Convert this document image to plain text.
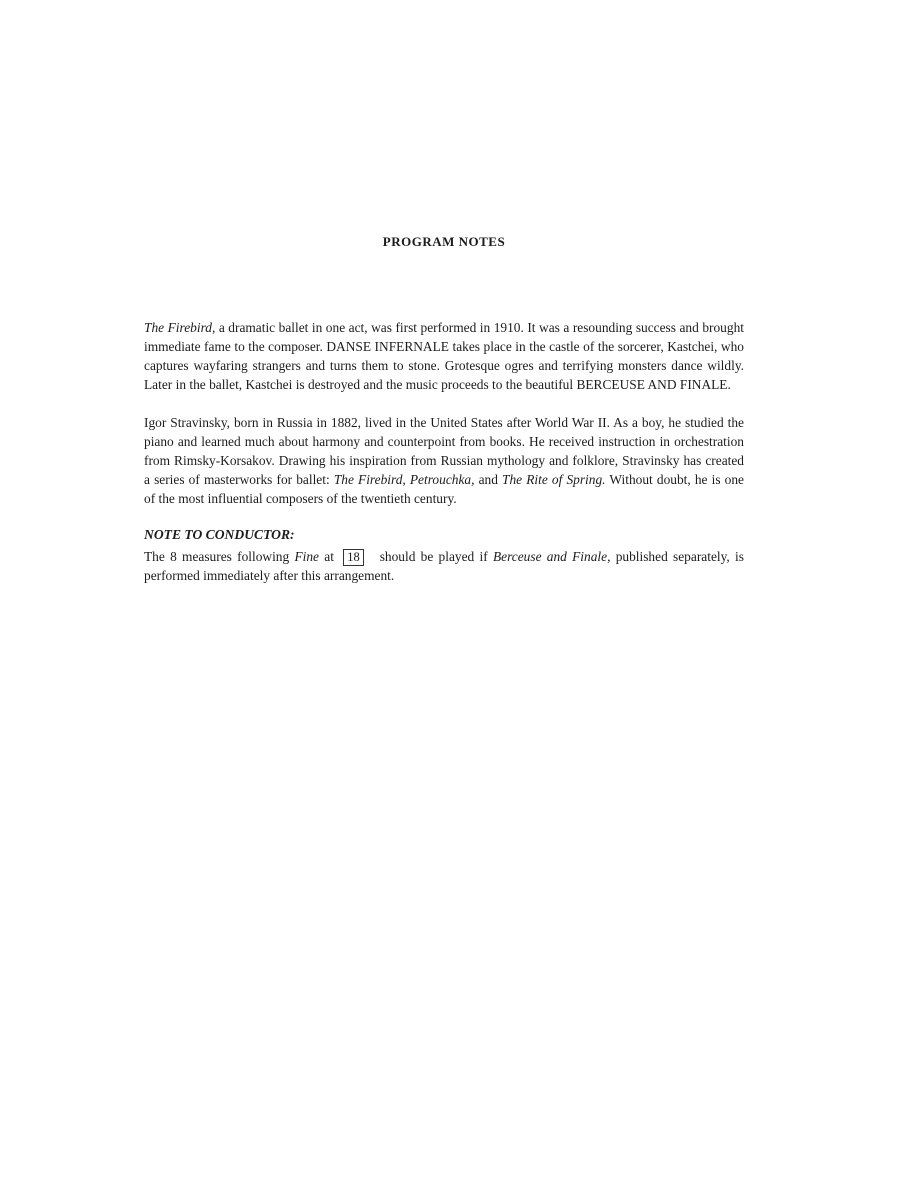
PROGRAM NOTES

The Firebird, a dramatic ballet in one act, was first performed in 1910. It was a resounding success and brought immediate fame to the composer. DANSE INFERNALE takes place in the castle of the sorcerer, Kastchei, who captures wayfaring strangers and turns them to stone. Grotesque ogres and terrifying monsters dance wildly. Later in the ballet, Kastchei is destroyed and the music proceeds to the beautiful BERCEUSE AND FINALE.

Igor Stravinsky, born in Russia in 1882, lived in the United States after World War II. As a boy, he studied the piano and learned much about harmony and counterpoint from books. He received instruction in orchestration from Rimsky-Korsakov. Drawing his inspiration from Russian mythology and folklore, Stravinsky has created a series of masterworks for ballet: The Firebird, Petrouchka, and The Rite of Spring. Without doubt, he is one of the most influential composers of the twentieth century.

NOTE TO CONDUCTOR:

The 8 measures following Fine at 18 should be played if Berceuse and Finale, published separately, is performed immediately after this arrangement.
